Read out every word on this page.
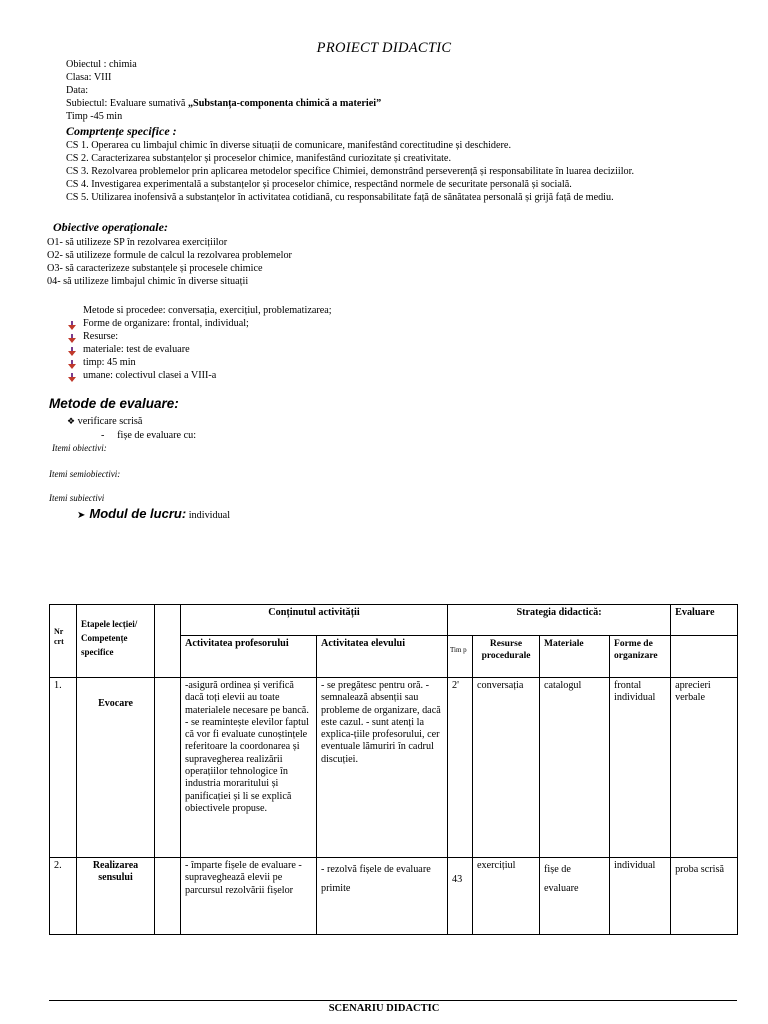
PROIECT DIDACTIC
Obiectul : chimia
Clasa: VIII
Data:
Subiectul: Evaluare sumativă „Substanța-componenta chimică a materiei”
Timp -45 min
Comprtențe specifice :
CS 1. Operarea cu limbajul chimic în diverse situații de comunicare, manifestând corectitudine și deschidere.
CS 2. Caracterizarea substanțelor și proceselor chimice, manifestând curiozitate și creativitate.
CS 3. Rezolvarea problemelor prin aplicarea metodelor specifice Chimiei, demonstrând perseverență și responsabilitate în luarea deciziilor.
CS 4. Investigarea experimentală a substanțelor și proceselor chimice, respectând normele de securitate personală și socială.
CS 5. Utilizarea inofensivă a substanțelor în activitatea cotidiană, cu responsabilitate față de sănătatea personală și grijă față de mediu.
Obiective operaționale:
O1- să utilizeze SP în rezolvarea exercițiilor
O2- să utilizeze formule de calcul la rezolvarea problemelor
O3- să caracterizeze substanțele și procesele chimice
04- să utilizeze limbajul chimic în diverse situații
Metode si procedee: conversația, exercițiul, problematizarea;
Forme de organizare: frontal, individual;
Resurse:
materiale: test de evaluare
timp: 45 min
umane: colectivul clasei a VIII-a
Metode de evaluare:
❖ verificare scrisă
- fișe de evaluare cu:
Itemi obiectivi:
Itemi semiobiectivi:
Itemi subiectivi
➤ Modul de lucru: individual
Nr crt	Etapele lecției/ Competențe specifice		Conținutul activității		Strategia didactică:				Evaluare
			Activitatea profesorului	Activitatea elevului	Tim p	Resurse procedurale	Materiale	Forme de organizare	
1.	Evocare		-asigură ordinea și verifică dacă toți elevii au toate materialele necesare pe bancă. - se reamintește elevilor faptul că vor fi evaluate cunoștințele referitoare la coordonarea și supravegherea realizării operațiilor tehnologice în industria moraritului și panificației și li se explică obiectivele propuse.	- se pregătesc pentru oră. -semnalează absenții sau probleme de organizare, dacă este cazul. - sunt atenți la explica-țiile profesorului, cer eventuale lămuriri în cadrul discuției.	2'	conversația	catalogul	frontal individual	aprecieri verbale
2.	Realizarea sensului		- împarte fișele de evaluare - supraveghează elevii pe parcursul rezolvării fișelor	- rezolvă fișele de evaluare primite	43	exercițiul	fișe de evaluare	individual	proba scrisă
SCENARIU DIDACTIC
